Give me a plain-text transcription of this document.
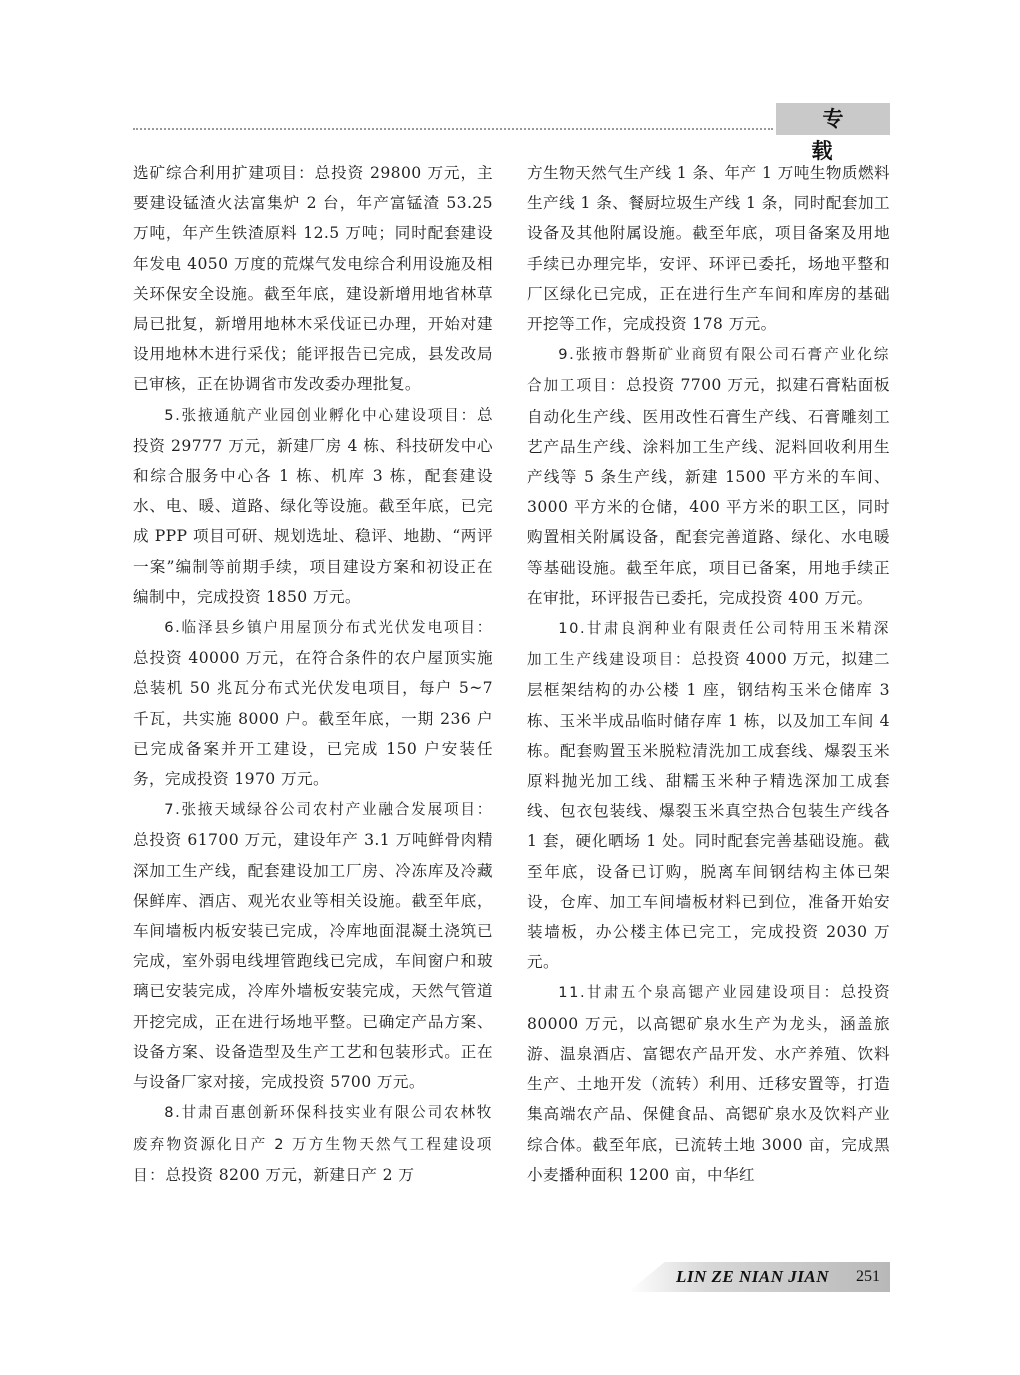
专 载

选矿综合利用扩建项目：总投资 29800 万元，主要建设锰渣火法富集炉 2 台，年产富锰渣 53.25 万吨，年产生铁渣原料 12.5 万吨；同时配套建设年发电 4050 万度的荒煤气发电综合利用设施及相关环保安全设施。截至年底，建设新增用地省林草局已批复，新增用地林木采伐证已办理，开始对建设用地林木进行采伐；能评报告已完成，县发改局已审核，正在协调省市发改委办理批复。

5.张掖通航产业园创业孵化中心建设项目：总投资 29777 万元，新建厂房 4 栋、科技研发中心和综合服务中心各 1 栋、机库 3 栋，配套建设水、电、暖、道路、绿化等设施。截至年底，已完成 PPP 项目可研、规划选址、稳评、地勘、“两评一案”编制等前期手续，项目建设方案和初设正在编制中，完成投资 1850 万元。

6.临泽县乡镇户用屋顶分布式光伏发电项目：总投资 40000 万元，在符合条件的农户屋顶实施总装机 50 兆瓦分布式光伏发电项目，每户 5~7 千瓦，共实施 8000 户。截至年底，一期 236 户已完成备案并开工建设，已完成 150 户安装任务，完成投资 1970 万元。

7.张掖天域绿谷公司农村产业融合发展项目：总投资 61700 万元，建设年产 3.1 万吨鲜骨肉精深加工生产线，配套建设加工厂房、冷冻库及冷藏保鲜库、酒店、观光农业等相关设施。截至年底，车间墙板内板安装已完成，冷库地面混凝土浇筑已完成，室外弱电线埋管跑线已完成，车间窗户和玻璃已安装完成，冷库外墙板安装完成，天然气管道开挖完成，正在进行场地平整。已确定产品方案、设备方案、设备造型及生产工艺和包装形式。正在与设备厂家对接，完成投资 5700 万元。

8.甘肃百惠创新环保科技实业有限公司农林牧废弃物资源化日产 2 万方生物天然气工程建设项目：总投资 8200 万元，新建日产 2 万

方生物天然气生产线 1 条、年产 1 万吨生物质燃料生产线 1 条、餐厨垃圾生产线 1 条，同时配套加工设备及其他附属设施。截至年底，项目备案及用地手续已办理完毕，安评、环评已委托，场地平整和厂区绿化已完成，正在进行生产车间和库房的基础开挖等工作，完成投资 178 万元。

9.张掖市磐斯矿业商贸有限公司石膏产业化综合加工项目：总投资 7700 万元，拟建石膏粘面板自动化生产线、医用改性石膏生产线、石膏雕刻工艺产品生产线、涂料加工生产线、泥料回收利用生产线等 5 条生产线，新建 1500 平方米的车间、3000 平方米的仓储，400 平方米的职工区，同时购置相关附属设备，配套完善道路、绿化、水电暖等基础设施。截至年底，项目已备案，用地手续正在审批，环评报告已委托，完成投资 400 万元。

10.甘肃良润种业有限责任公司特用玉米精深加工生产线建设项目：总投资 4000 万元，拟建二层框架结构的办公楼 1 座，钢结构玉米仓储库 3 栋、玉米半成品临时储存库 1 栋，以及加工车间 4 栋。配套购置玉米脱粒清洗加工成套线、爆裂玉米原料抛光加工线、甜糯玉米种子精选深加工成套线、包衣包装线、爆裂玉米真空热合包装生产线各 1 套，硬化晒场 1 处。同时配套完善基础设施。截至年底，设备已订购，脱离车间钢结构主体已架设，仓库、加工车间墙板材料已到位，准备开始安装墙板，办公楼主体已完工，完成投资 2030 万元。

11.甘肃五个泉高锶产业园建设项目：总投资 80000 万元，以高锶矿泉水生产为龙头，涵盖旅游、温泉酒店、富锶农产品开发、水产养殖、饮料生产、土地开发（流转）利用、迁移安置等，打造集高端农产品、保健食品、高锶矿泉水及饮料产业综合体。截至年底，已流转土地 3000 亩，完成黑小麦播种面积 1200 亩，中华红

LIN ZE NIAN JIAN 251
